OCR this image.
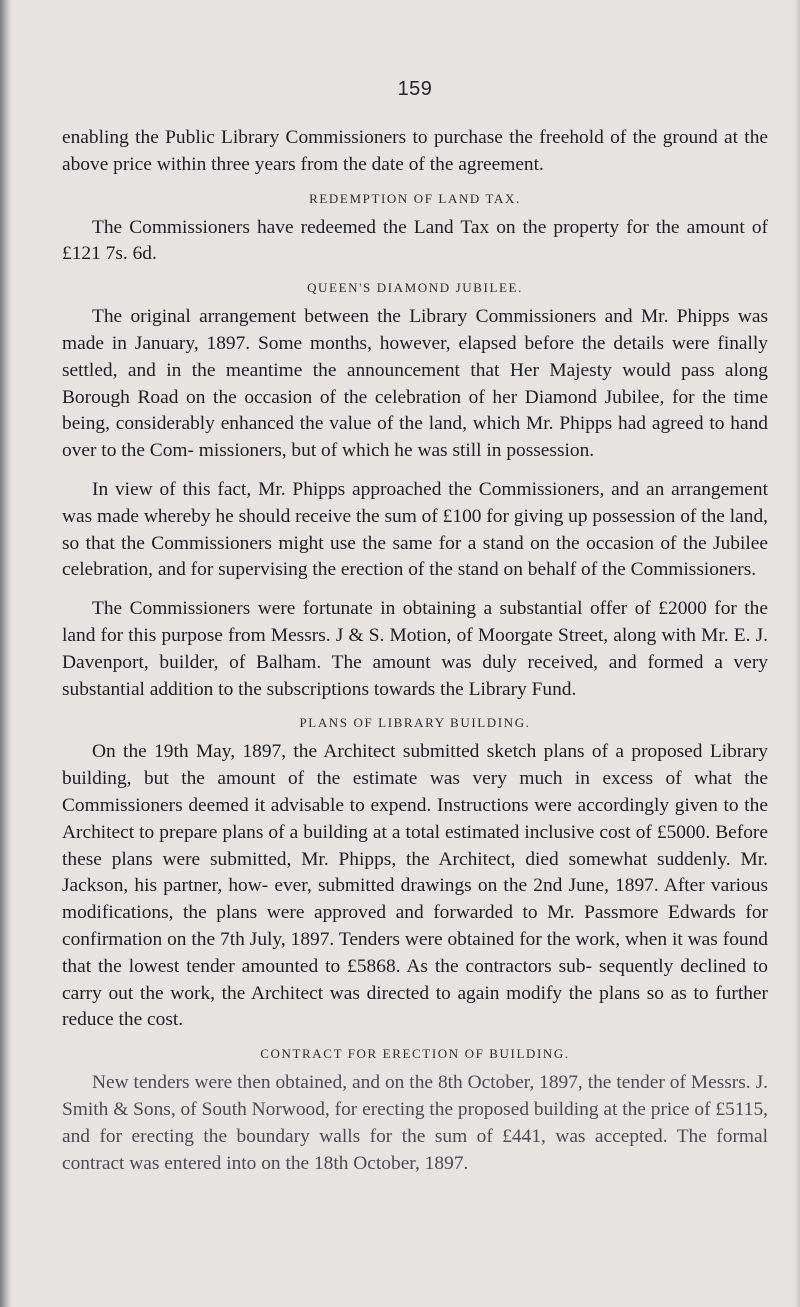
159

enabling the Public Library Commissioners to purchase the freehold of the ground at the above price within three years from the date of the agreement.

REDEMPTION OF LAND TAX.

The Commissioners have redeemed the Land Tax on the property for the amount of £121 7s. 6d.

QUEEN'S DIAMOND JUBILEE.

The original arrangement between the Library Commissioners and Mr. Phipps was made in January, 1897. Some months, however, elapsed before the details were finally settled, and in the meantime the announcement that Her Majesty would pass along Borough Road on the occasion of the celebration of her Diamond Jubilee, for the time being, considerably enhanced the value of the land, which Mr. Phipps had agreed to hand over to the Com- missioners, but of which he was still in possession.

In view of this fact, Mr. Phipps approached the Commissioners, and an arrangement was made whereby he should receive the sum of £100 for giving up possession of the land, so that the Commissioners might use the same for a stand on the occasion of the Jubilee celebration, and for supervising the erection of the stand on behalf of the Commissioners.

The Commissioners were fortunate in obtaining a substantial offer of £2000 for the land for this purpose from Messrs. J & S. Motion, of Moorgate Street, along with Mr. E. J. Davenport, builder, of Balham. The amount was duly received, and formed a very substantial addition to the subscriptions towards the Library Fund.

PLANS OF LIBRARY BUILDING.

On the 19th May, 1897, the Architect submitted sketch plans of a proposed Library building, but the amount of the estimate was very much in excess of what the Commissioners deemed it advisable to expend. Instructions were accordingly given to the Architect to prepare plans of a building at a total estimated inclusive cost of £5000. Before these plans were submitted, Mr. Phipps, the Architect, died somewhat suddenly. Mr. Jackson, his partner, how- ever, submitted drawings on the 2nd June, 1897. After various modifications, the plans were approved and forwarded to Mr. Passmore Edwards for confirmation on the 7th July, 1897. Tenders were obtained for the work, when it was found that the lowest tender amounted to £5868. As the contractors sub- sequently declined to carry out the work, the Architect was directed to again modify the plans so as to further reduce the cost.

CONTRACT FOR ERECTION OF BUILDING.

New tenders were then obtained, and on the 8th October, 1897, the tender of Messrs. J. Smith & Sons, of South Norwood, for erecting the proposed building at the price of £5115, and for erecting the boundary walls for the sum of £441, was accepted. The formal contract was entered into on the 18th October, 1897.
